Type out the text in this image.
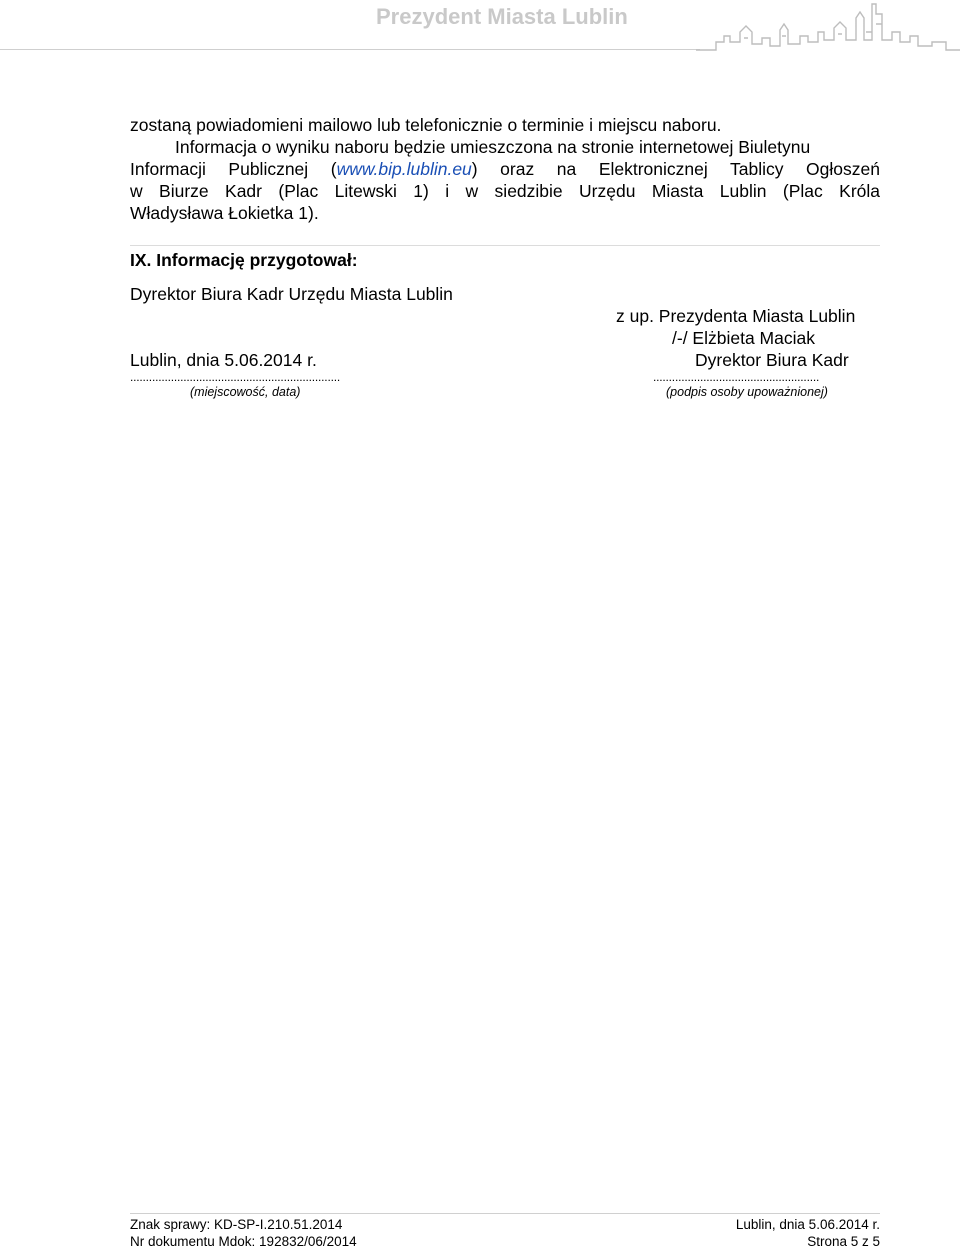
Prezydent Miasta Lublin
zostaną powiadomieni mailowo lub telefonicznie o terminie i miejscu naboru.
Informacja o wyniku naboru będzie umieszczona na stronie internetowej Biuletynu
Informacji Publicznej (www.bip.lublin.eu) oraz na Elektronicznej Tablicy Ogłoszeń
w Biurze Kadr (Plac Litewski 1) i w siedzibie Urzędu Miasta Lublin (Plac Króla
Władysława Łokietka 1).
IX. Informację przygotował:
Dyrektor Biura Kadr Urzędu Miasta Lublin
z up. Prezydenta Miasta Lublin
/-/ Elżbieta Maciak
Dyrektor Biura Kadr
.....................................................
(podpis osoby upoważnionej)
Lublin, dnia 5.06.2014 r.
...................................................................
(miejscowość, data)
Znak sprawy: KD-SP-I.210.51.2014
Nr dokumentu Mdok: 192832/06/2014
Lublin, dnia 5.06.2014 r.
Strona 5 z 5
